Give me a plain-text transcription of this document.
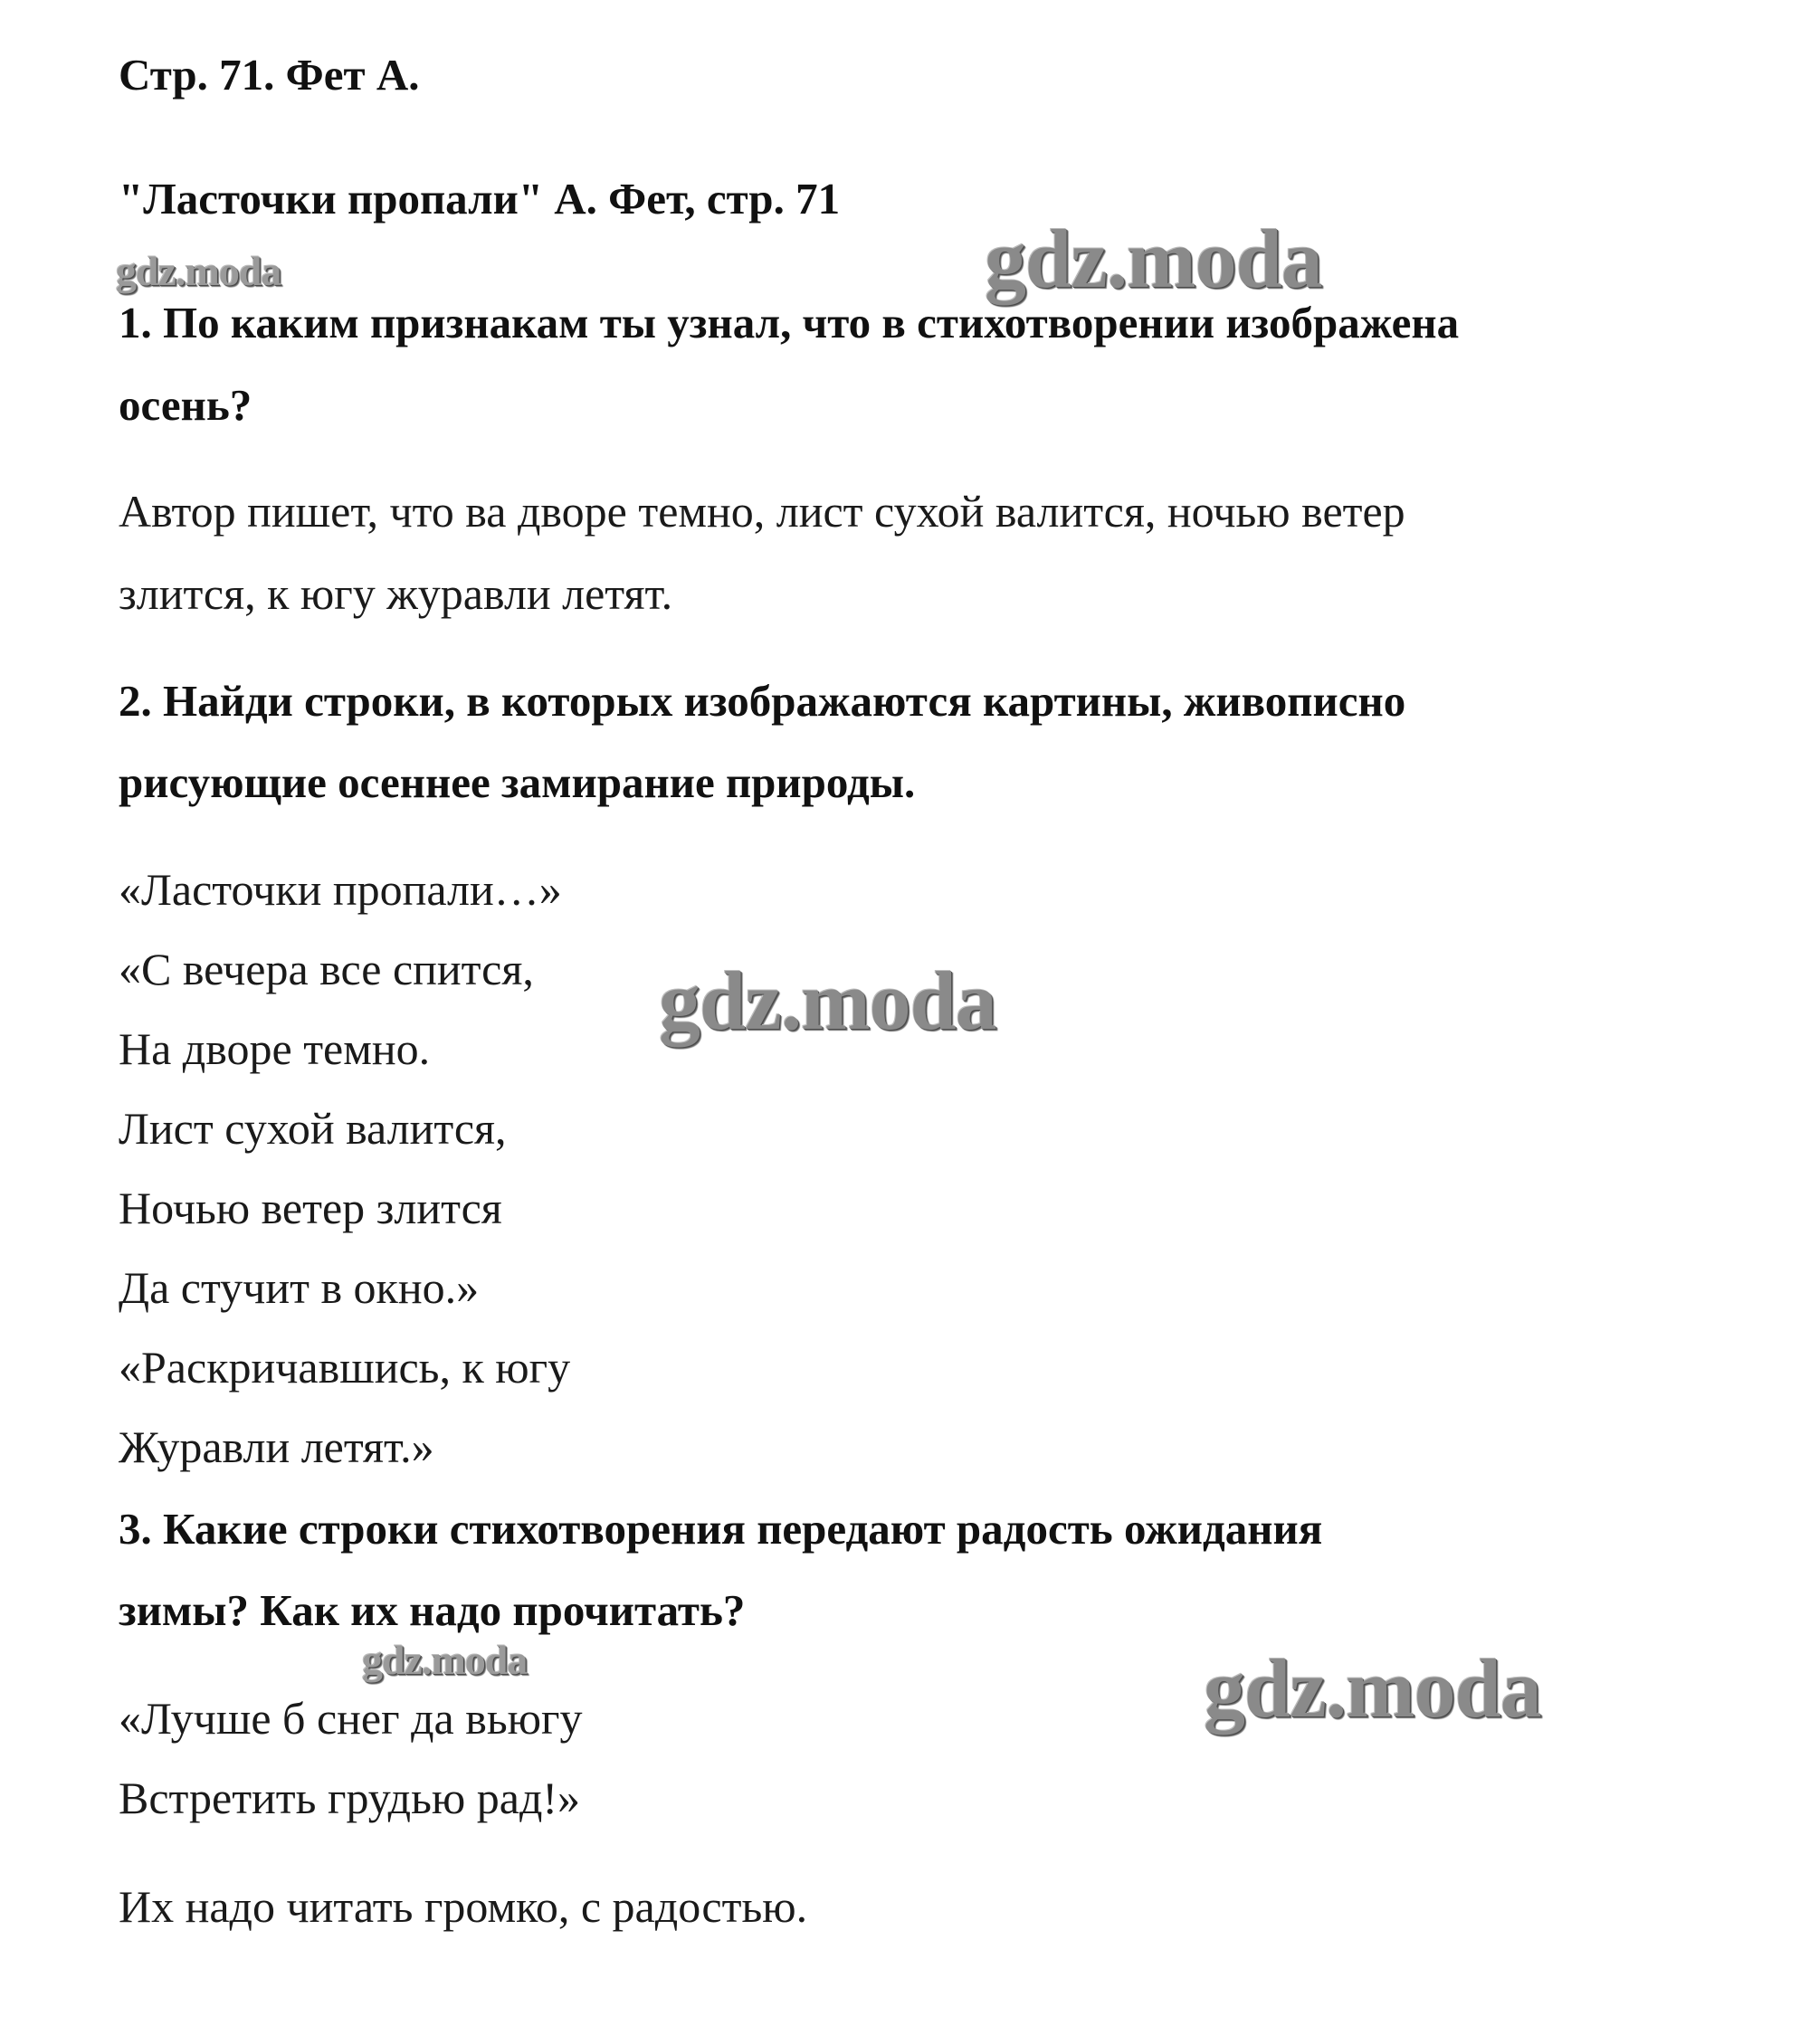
Стр. 71. Фет А.
"Ласточки пропали" А. Фет, стр. 71
1. По каким признакам ты узнал, что в стихотворении изображена
осень?
Автор пишет, что ва дворе темно, лист сухой валится, ночью ветер
злится, к югу журавли летят.
2. Найди строки, в которых изображаются картины, живописно
рисующие осеннее замирание природы.
«Ласточки пропали…»
«С вечера все спится,
На дворе темно.
Лист сухой валится,
Ночью ветер злится
Да стучит в окно.»
«Раскричавшись, к югу
Журавли летят.»
3. Какие строки стихотворения передают радость ожидания
зимы? Как их надо прочитать?
«Лучше б снег да вьюгу
Встретить грудью рад!»
Их надо читать громко, с радостью.
gdz.moda	gdz.moda
gdz.moda
gdz.moda	gdz.moda
